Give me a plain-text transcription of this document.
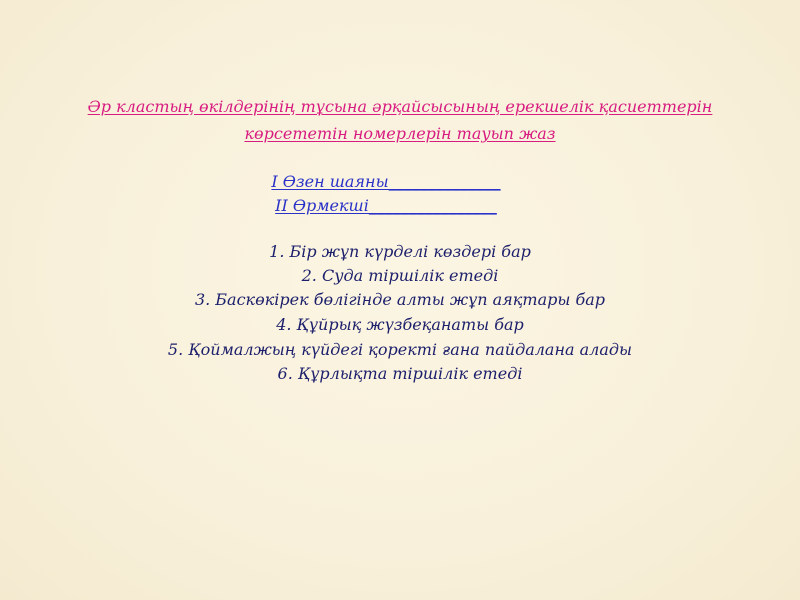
Әр кластың өкілдерінің тұсына әрқайсысының ерекшелік қасиеттерін
көрсететін номерлерін тауып жаз
I Өзен шаяны______________
II Өрмекші________________
1. Бір жұп күрделі көздері бар
2. Суда тіршілік етеді
3. Баскөкірек бөлігінде алты жұп аяқтары бар
4. Құйрық жүзбеқанаты бар
5. Қоймалжың күйдегі қоректі ғана пайдалана алады
6. Құрлықта тіршілік етеді
